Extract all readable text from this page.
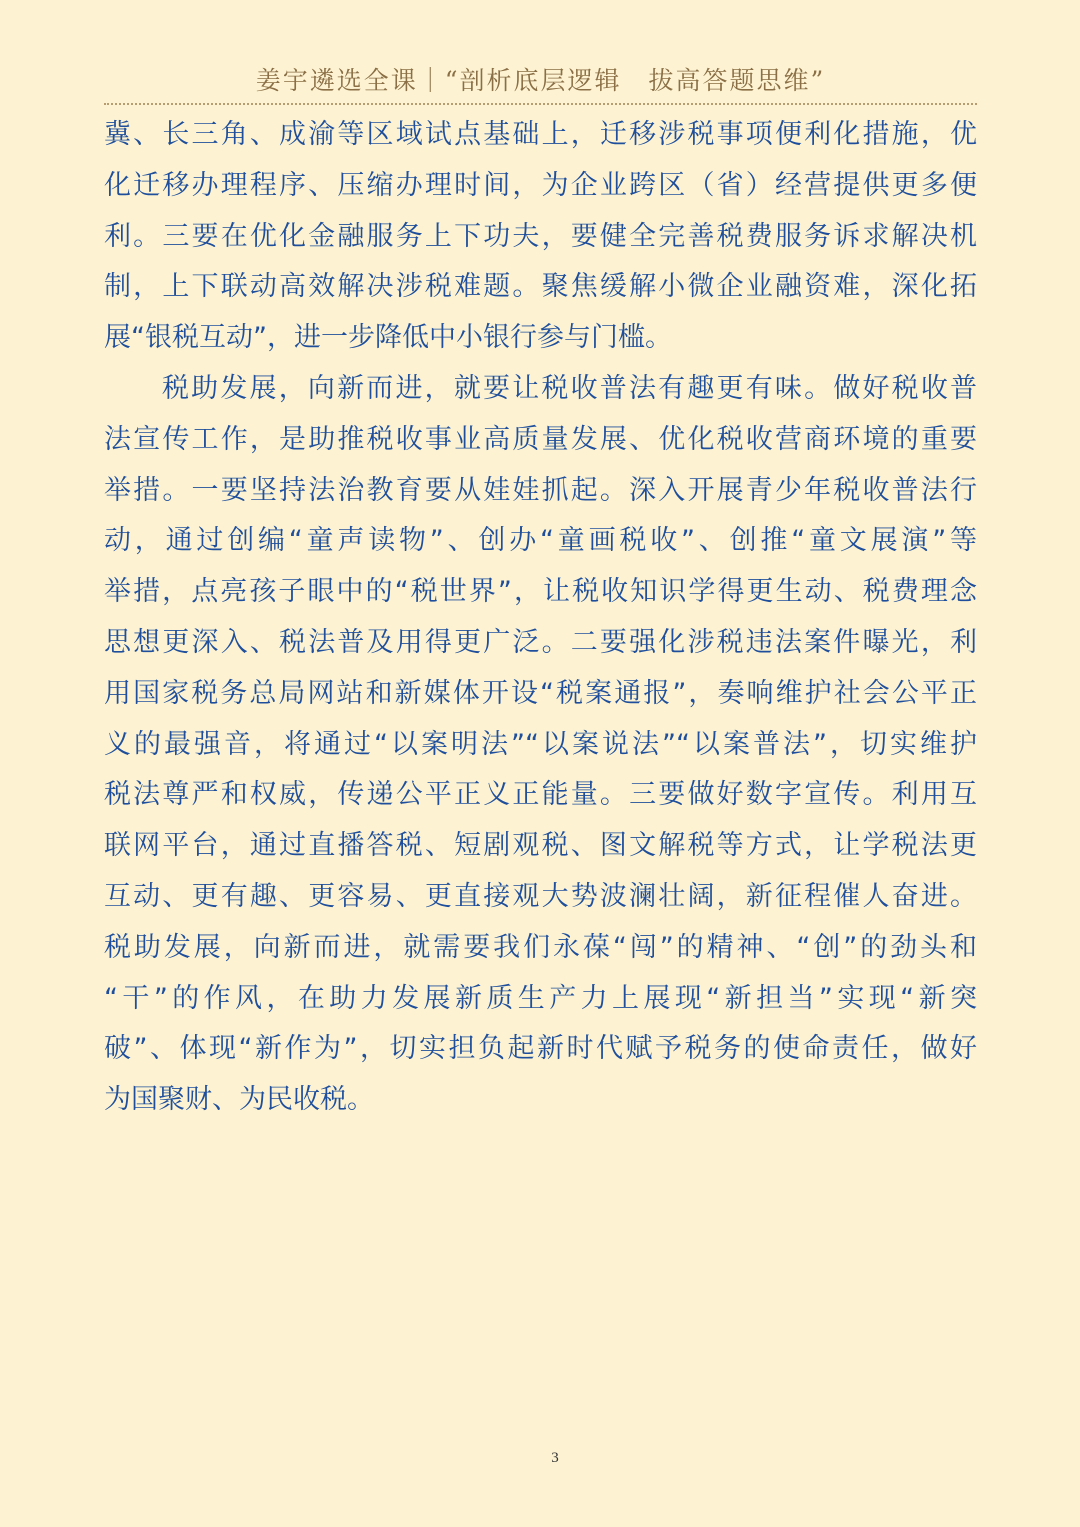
姜宇遴选全课｜“剖析底层逻辑　拔高答题思维”

冀、长三角、成渝等区域试点基础上，迁移涉税事项便利化措施，优
化迁移办理程序、压缩办理时间，为企业跨区（省）经营提供更多便
利。三要在优化金融服务上下功夫，要健全完善税费服务诉求解决机
制，上下联动高效解决涉税难题。聚焦缓解小微企业融资难，深化拓
展“银税互动”，进一步降低中小银行参与门槛。

税助发展，向新而进，就要让税收普法有趣更有味。做好税收普
法宣传工作，是助推税收事业高质量发展、优化税收营商环境的重要
举措。一要坚持法治教育要从娃娃抓起。深入开展青少年税收普法行
动，通过创编“童声读物”、创办“童画税收”、创推“童文展演”等
举措，点亮孩子眼中的“税世界”，让税收知识学得更生动、税费理念
思想更深入、税法普及用得更广泛。二要强化涉税违法案件曝光，利
用国家税务总局网站和新媒体开设“税案通报”，奏响维护社会公平正
义的最强音，将通过“以案明法”“以案说法”“以案普法”，切实维护
税法尊严和权威，传递公平正义正能量。三要做好数字宣传。利用互
联网平台，通过直播答税、短剧观税、图文解税等方式，让学税法更
互动、更有趣、更容易、更直接观大势波澜壮阔，新征程催人奋进。
税助发展，向新而进，就需要我们永葆“闯”的精神、“创”的劲头和
“干”的作风，在助力发展新质生产力上展现“新担当”实现“新突
破”、体现“新作为”，切实担负起新时代赋予税务的使命责任，做好
为国聚财、为民收税。

3
